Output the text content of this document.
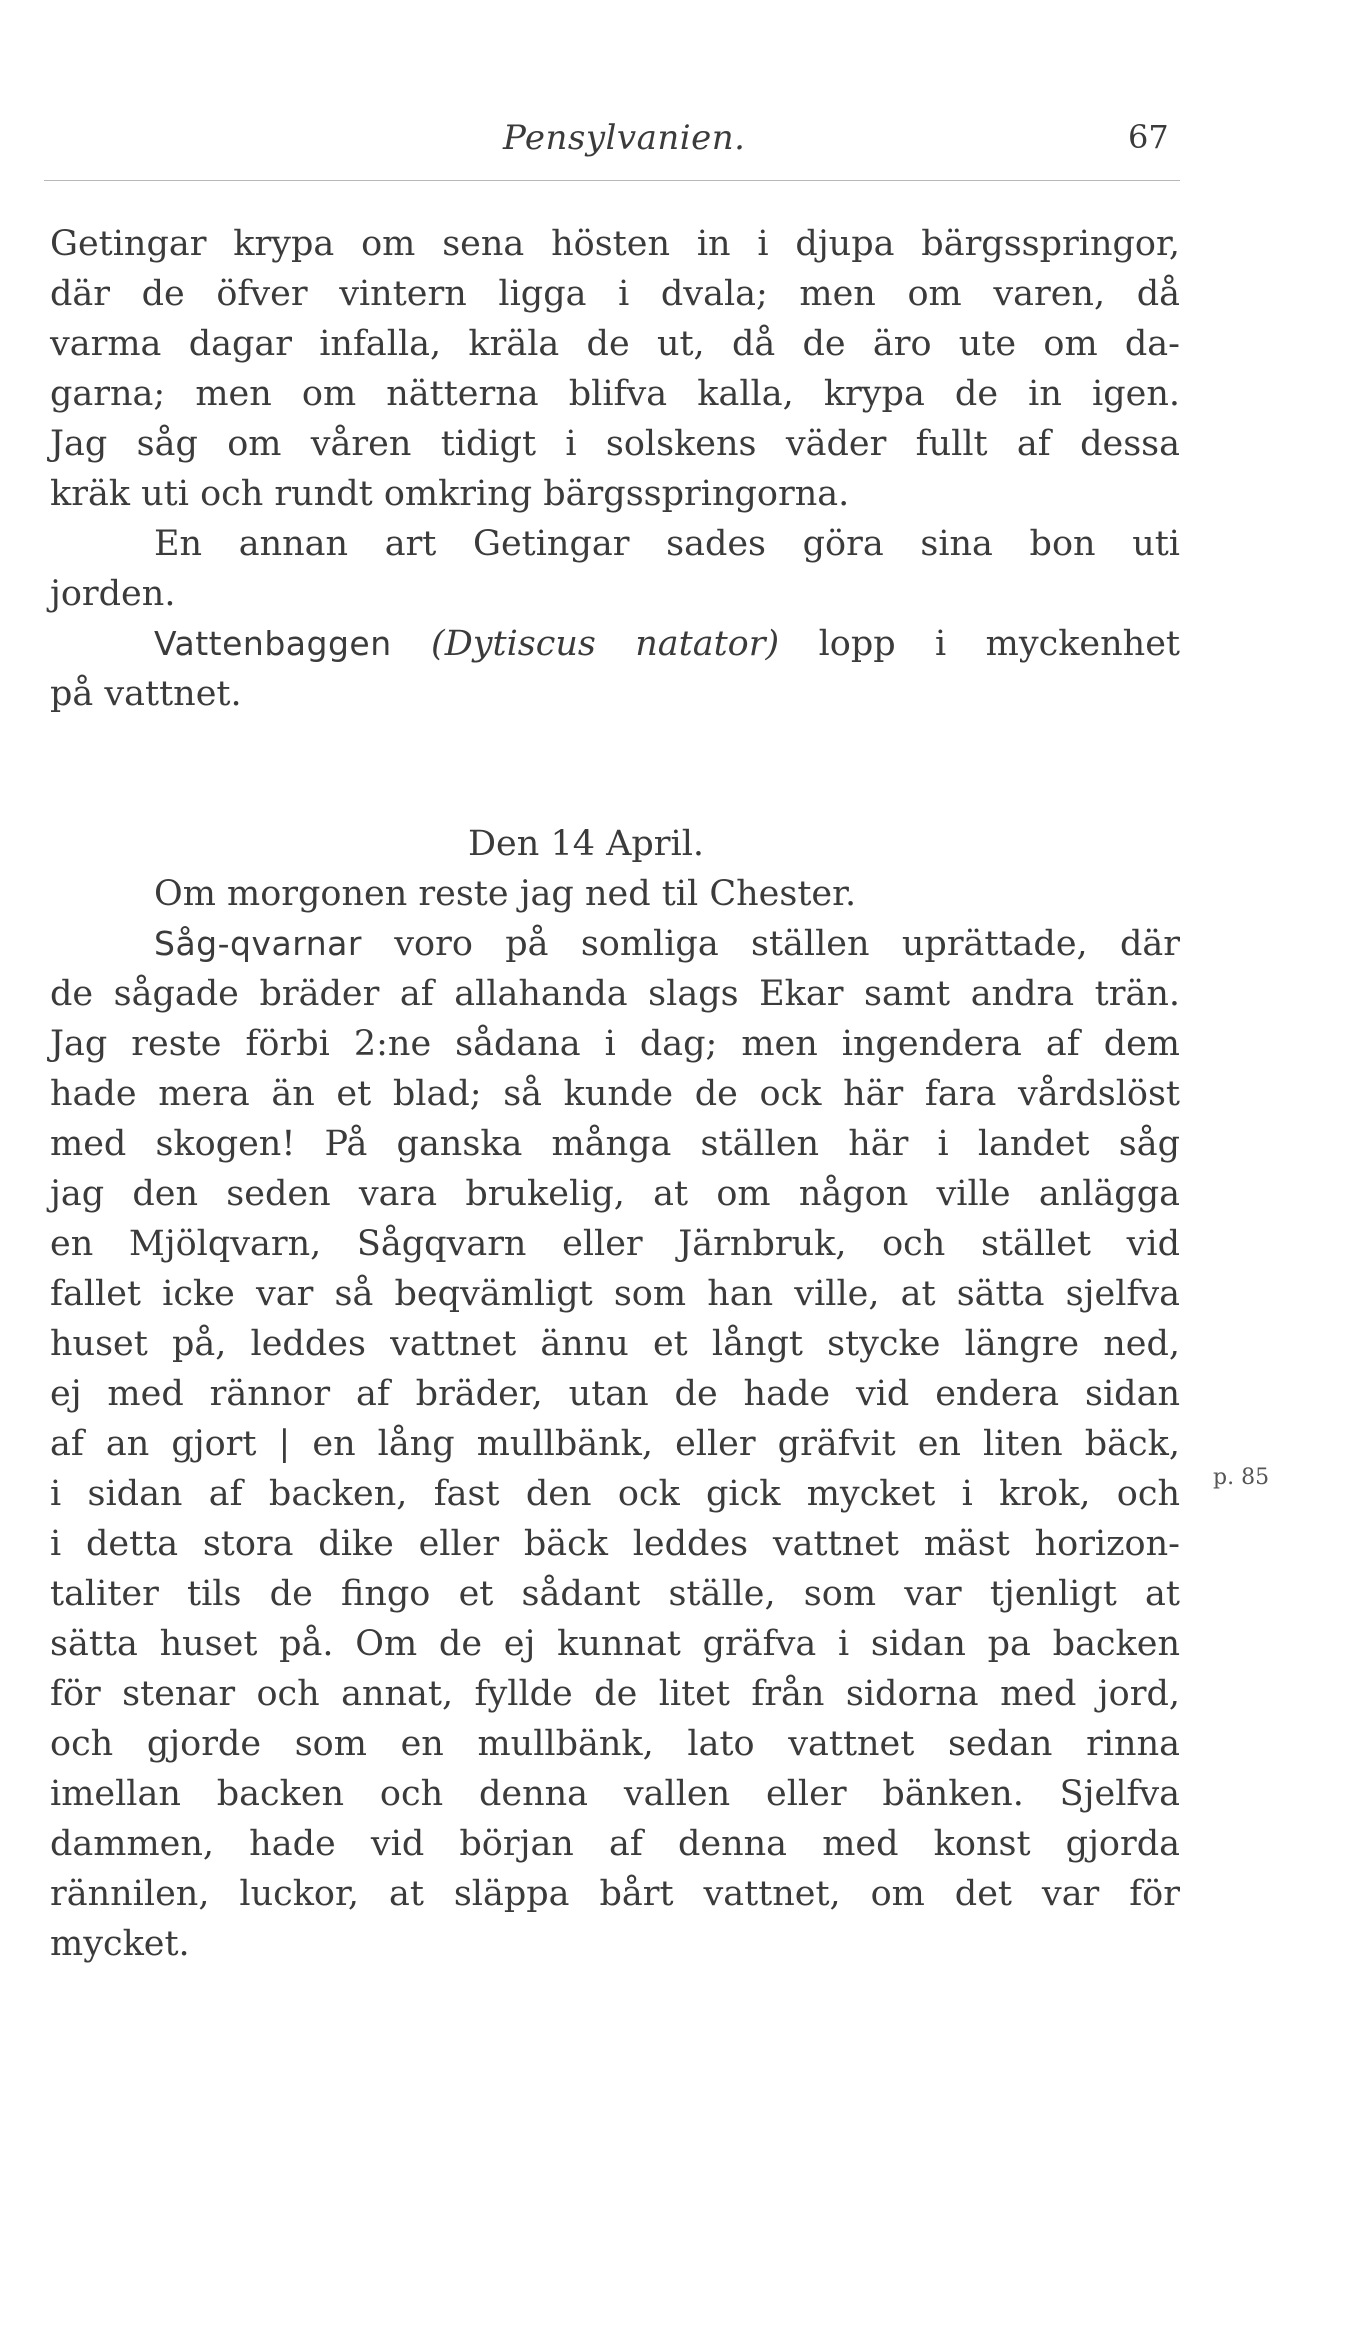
Pensylvanien.	67
Getingar krypa om sena hösten in i djupa bärgsspringor,
där de öfver vintern ligga i dvala; men om varen, då
varma dagar infalla, kräla de ut, då de äro ute om da-
garna; men om nätterna blifva kalla, krypa de in igen.
Jag såg om våren tidigt i solskens väder fullt af dessa
kräk uti och rundt omkring bärgsspringorna.
En annan art Getingar sades göra sina bon uti
jorden.
Vattenbaggen (Dytiscus natator) lopp i myckenhet
på vattnet.
Den 14 April.
Om morgonen reste jag ned til Chester.
Såg-qvarnar voro på somliga ställen uprättade, där
de sågade bräder af allahanda slags Ekar samt andra trän.
Jag reste förbi 2:ne sådana i dag; men ingendera af dem
hade mera än et blad; så kunde de ock här fara vårdslöst
med skogen! På ganska många ställen här i landet såg
jag den seden vara brukelig, at om någon ville anlägga
en Mjölqvarn, Sågqvarn eller Järnbruk, och stället vid
fallet icke var så beqvämligt som han ville, at sätta sjelfva
huset på, leddes vattnet ännu et långt stycke längre ned,
ej med rännor af bräder, utan de hade vid endera sidan
af an gjort | en lång mullbänk, eller gräfvit en liten bäck,
i sidan af backen, fast den ock gick mycket i krok, och
i detta stora dike eller bäck leddes vattnet mäst horizon-
taliter tils de fingo et sådant ställe, som var tjenligt at
sätta huset på. Om de ej kunnat gräfva i sidan pa backen
för stenar och annat, fyllde de litet från sidorna med jord,
och gjorde som en mullbänk, lato vattnet sedan rinna
imellan backen och denna vallen eller bänken. Sjelfva
dammen, hade vid början af denna med konst gjorda
rännilen, luckor, at släppa bårt vattnet, om det var för
mycket.
p. 85
